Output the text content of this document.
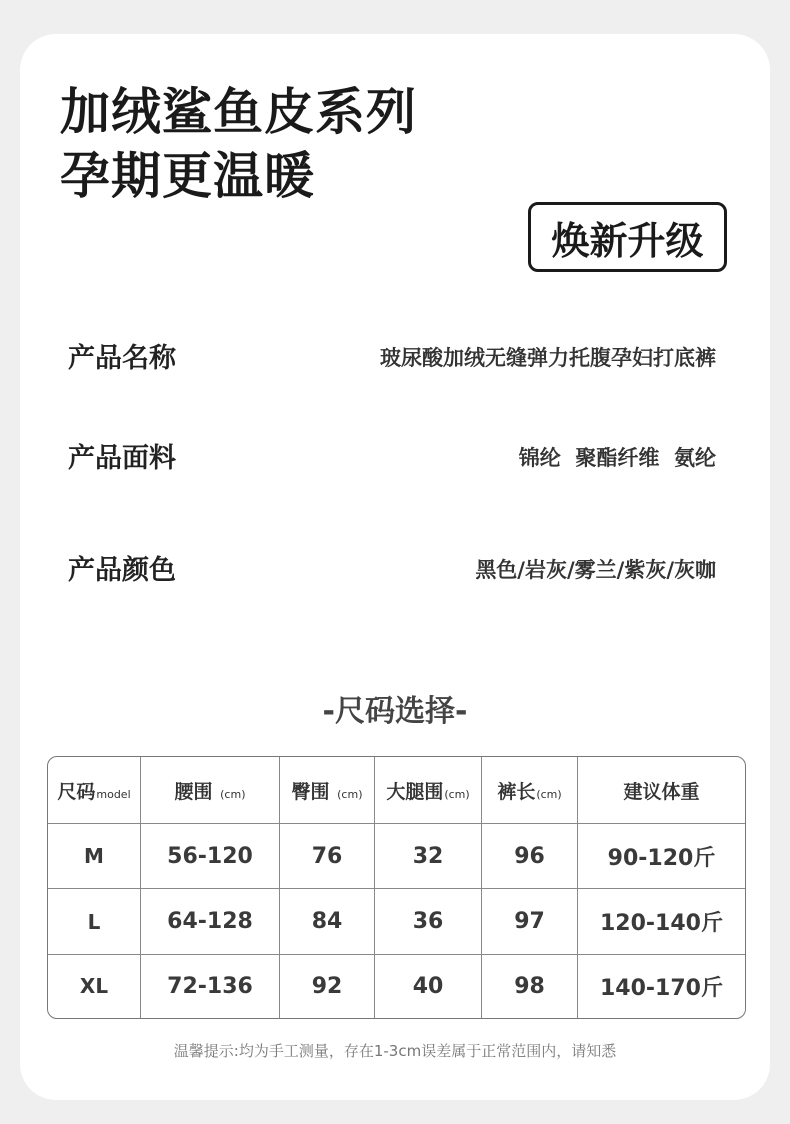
加绒鲨鱼皮系列
孕期更温暖
焕新升级
产品名称	玻尿酸加绒无缝弹力托腹孕妇打底裤
产品面料	锦纶  聚酯纤维  氨纶
产品颜色	黑色/岩灰/雾兰/紫灰/灰咖
-尺码选择-
尺码model	腰围 (cm)	臀围 (cm)	大腿围(cm)	裤长(cm)	建议体重
M	56-120	76	32	96	90-120斤
L	64-128	84	36	97	120-140斤
XL	72-136	92	40	98	140-170斤
温馨提示:均为手工测量，存在1-3cm误差属于正常范围内，请知悉
